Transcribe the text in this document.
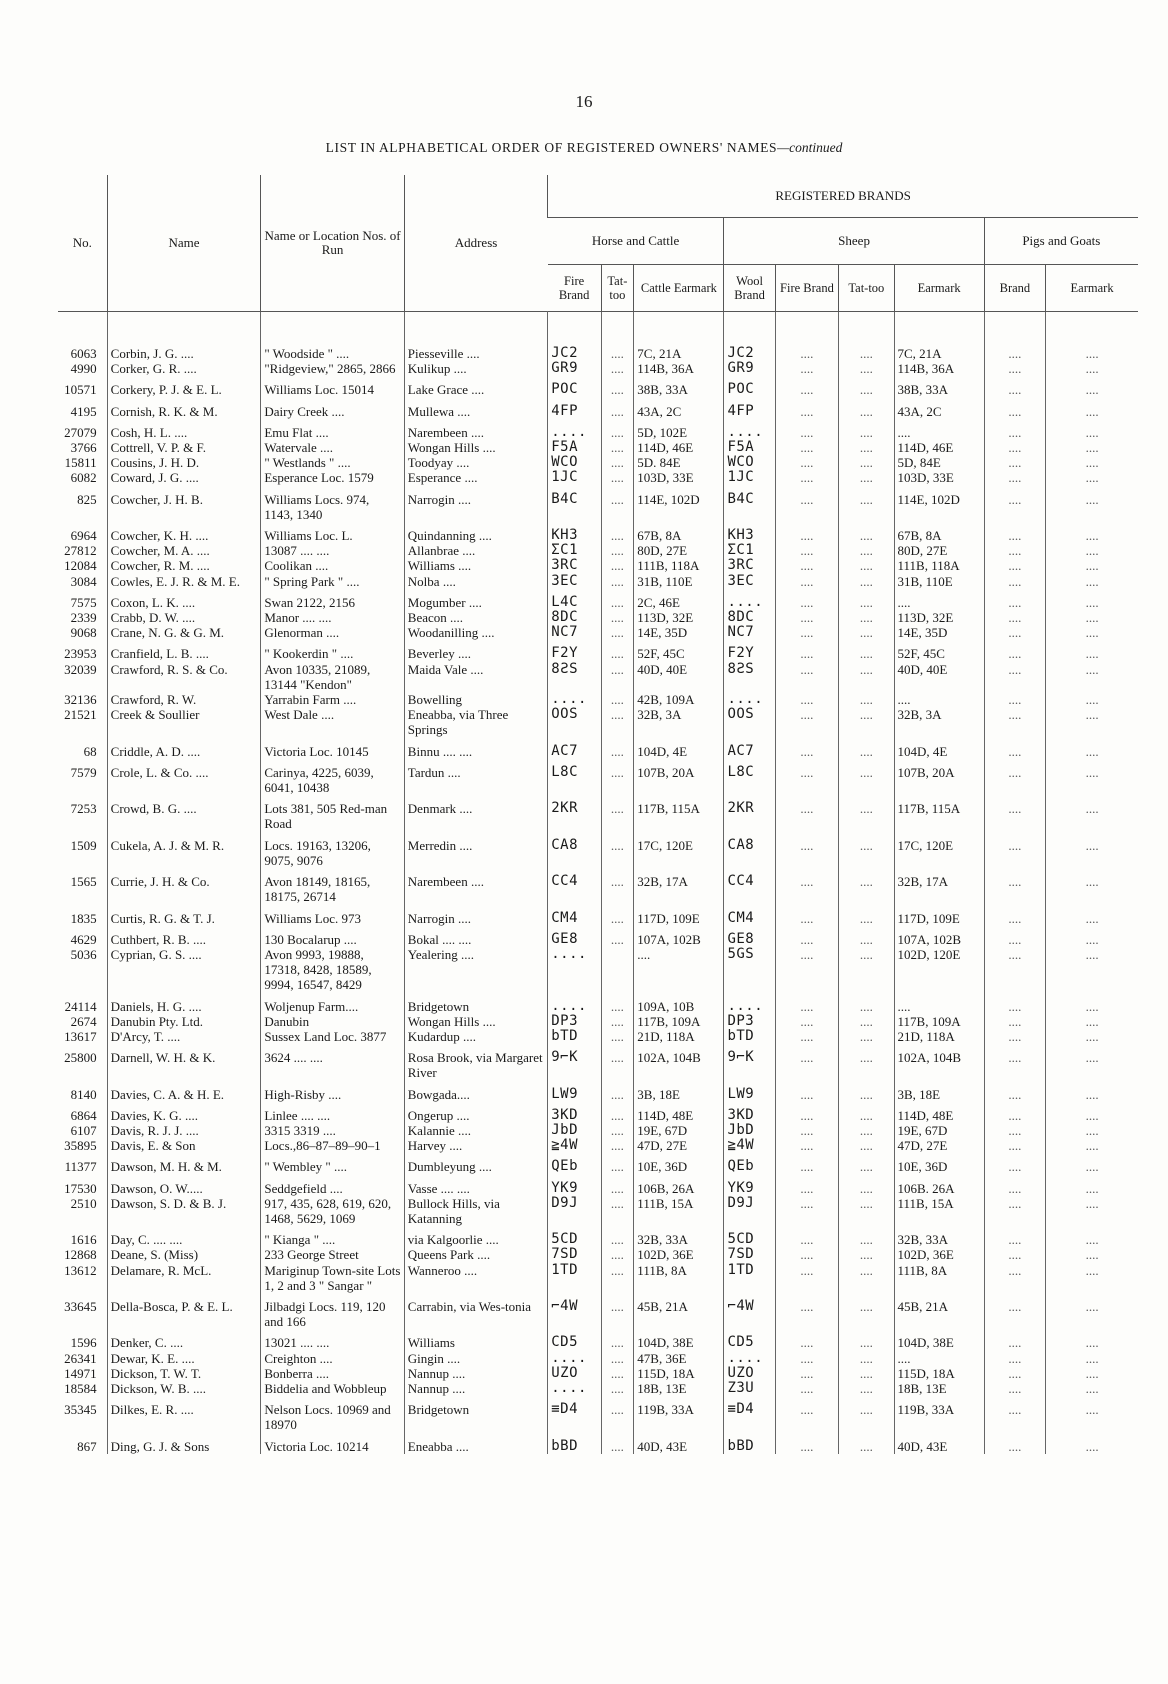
16
LIST IN ALPHABETICAL ORDER OF REGISTERED OWNERS' NAMES—continued
No.	Name	Name or Location Nos. of Run	Address	REGISTERED BRANDS								
				Horse and Cattle			Sheep				Pigs and Goats	
				Fire Brand	Tat-too	Cattle Earmark	Wool Brand	Fire Brand	Tat-too	Earmark	Brand	Earmark

6063	Corbin, J. G. ....	" Woodside " ....	Piesseville ....	JC2	....	7C, 21A	JC2	....	....	7C, 21A	....	....
4990	Corker, G. R. ....	"Ridgeview," 2865, 2866	Kulikup ....	GR9	....	114B, 36A	GR9	....	....	114B, 36A	....	....
10571	Corkery, P. J. & E. L.	Williams Loc. 15014	Lake Grace ....	POC	....	38B, 33A	POC	....	....	38B, 33A	....	....
4195	Cornish, R. K. & M.	Dairy Creek ....	Mullewa ....	4FP	....	43A, 2C	4FP	....	....	43A, 2C	....	....
27079	Cosh, H. L. ....	Emu Flat ....	Narembeen ....	....	....	5D, 102E	....	....	....	....	....	....
3766	Cottrell, V. P. & F.	Watervale ....	Wongan Hills ....	F5A	....	114D, 46E	F5A	....	....	114D, 46E	....	....
15811	Cousins, J. H. D.	" Westlands " ....	Toodyay ....	WCO	....	5D. 84E	WCO	....	....	5D, 84E	....	....
6082	Coward, J. G. ....	Esperance Loc. 1579	Esperance ....	1JC	....	103D, 33E	1JC	....	....	103D, 33E	....	....
825	Cowcher, J. H. B.	Williams Locs. 974, 1143, 1340	Narrogin ....	B4C	....	114E, 102D	B4C	....	....	114E, 102D	....	....
6964	Cowcher, K. H. ....	Williams Loc. L.	Quindanning ....	KH3	....	67B, 8A	KH3	....	....	67B, 8A	....	....
27812	Cowcher, M. A. ....	13087 .... ....	Allanbrae ....	ΣC1	....	80D, 27E	ΣC1	....	....	80D, 27E	....	....
12084	Cowcher, R. M. ....	Coolikan ....	Williams ....	3RC	....	111B, 118A	3RC	....	....	111B, 118A	....	....
3084	Cowles, E. J. R. & M. E.	" Spring Park " ....	Nolba ....	3EC	....	31B, 110E	3EC	....	....	31B, 110E	....	....
7575	Coxon, L. K. ....	Swan 2122, 2156	Mogumber ....	L4C	....	2C, 46E	....	....	....	....	....	....
2339	Crabb, D. W. ....	Manor .... ....	Beacon ....	8DC	....	113D, 32E	8DC	....	....	113D, 32E	....	....
9068	Crane, N. G. & G. M.	Glenorman ....	Woodanilling ....	NC7	....	14E, 35D	NC7	....	....	14E, 35D	....	....
23953	Cranfield, L. B. ....	" Kookerdin " ....	Beverley ....	F2Y	....	52F, 45C	F2Y	....	....	52F, 45C	....	....
32039	Crawford, R. S. & Co.	Avon 10335, 21089, 13144 "Kendon"	Maida Vale ....	8ƧS	....	40D, 40E	8ƧS	....	....	40D, 40E	....	....
32136	Crawford, R. W.	Yarrabin Farm ....	Bowelling	....	....	42B, 109A	....	....	....	....	....	....
21521	Creek & Soullier	West Dale ....	Eneabba, via Three Springs	OOS	....	32B, 3A	OOS	....	....	32B, 3A	....	....
68	Criddle, A. D. ....	Victoria Loc. 10145	Binnu .... ....	AC7	....	104D, 4E	AC7	....	....	104D, 4E	....	....
7579	Crole, L. & Co. ....	Carinya, 4225, 6039, 6041, 10438	Tardun ....	L8C	....	107B, 20A	L8C	....	....	107B, 20A	....	....
7253	Crowd, B. G. ....	Lots 381, 505 Red-man Road	Denmark ....	2KR	....	117B, 115A	2KR	....	....	117B, 115A	....	....
1509	Cukela, A. J. & M. R.	Locs. 19163, 13206, 9075, 9076	Merredin ....	CA8	....	17C, 120E	CA8	....	....	17C, 120E	....	....
1565	Currie, J. H. & Co.	Avon 18149, 18165, 18175, 26714	Narembeen ....	CC4	....	32B, 17A	CC4	....	....	32B, 17A	....	....
1835	Curtis, R. G. & T. J.	Williams Loc. 973	Narrogin ....	CM4	....	117D, 109E	CM4	....	....	117D, 109E	....	....
4629	Cuthbert, R. B. ....	130 Bocalarup ....	Bokal .... ....	GE8	....	107A, 102B	GE8	....	....	107A, 102B	....	....
5036	Cyprian, G. S. ....	Avon 9993, 19888, 17318, 8428, 18589, 9994, 16547, 8429	Yealering ....	....		....	5GS	....	....	102D, 120E	....	....
24114	Daniels, H. G. ....	Woljenup Farm....	Bridgetown	....	....	109A, 10B	....	....	....	....	....	....
2674	Danubin Pty. Ltd.	Danubin	Wongan Hills ....	DP3	....	117B, 109A	DP3	....	....	117B, 109A	....	....
13617	D'Arcy, T. ....	Sussex Land Loc. 3877	Kudardup ....	bTD	....	21D, 118A	bTD	....	....	21D, 118A	....	....
25800	Darnell, W. H. & K.	3624 .... ....	Rosa Brook, via Margaret River	9⌐K	....	102A, 104B	9⌐K	....	....	102A, 104B	....	....
8140	Davies, C. A. & H. E.	High-Risby ....	Bowgada....	LW9	....	3B, 18E	LW9	....	....	3B, 18E	....	....
6864	Davies, K. G. ....	Linlee .... ....	Ongerup ....	3KD	....	114D, 48E	3KD	....	....	114D, 48E	....	....
6107	Davis, R. J. J. ....	3315 3319 ....	Kalannie ....	JbD	....	19E, 67D	JbD	....	....	19E, 67D	....	....
35895	Davis, E. & Son	Locs.,86–87–89–90–1	Harvey ....	≧4W	....	47D, 27E	≧4W	....	....	47D, 27E	....	....
11377	Dawson, M. H. & M.	" Wembley " ....	Dumbleyung ....	QEb	....	10E, 36D	QEb	....	....	10E, 36D	....	....
17530	Dawson, O. W.....	Seddgefield ....	Vasse .... ....	YK9	....	106B, 26A	YK9	....	....	106B. 26A	....	....
2510	Dawson, S. D. & B. J.	917, 435, 628, 619, 620, 1468, 5629, 1069	Bullock Hills, via Katanning	D9J	....	111B, 15A	D9J	....	....	111B, 15A	....	....
1616	Day, C. .... ....	" Kianga " ....	via Kalgoorlie ....	5CD	....	32B, 33A	5CD	....	....	32B, 33A	....	....
12868	Deane, S. (Miss)	233 George Street	Queens Park ....	7SD	....	102D, 36E	7SD	....	....	102D, 36E	....	....
13612	Delamare, R. McL.	Mariginup Town-site Lots 1, 2 and 3 " Sangar "	Wanneroo ....	1TD	....	111B, 8A	1TD	....	....	111B, 8A	....	....
33645	Della-Bosca, P. & E. L.	Jilbadgi Locs. 119, 120 and 166	Carrabin, via Wes-tonia	⌐4W	....	45B, 21A	⌐4W	....	....	45B, 21A	....	....
1596	Denker, C. ....	13021 .... ....	Williams	CD5	....	104D, 38E	CD5	....	....	104D, 38E	....	....
26341	Dewar, K. E. ....	Creighton ....	Gingin ....	....	....	47B, 36E	....	....	....	....	....	....
14971	Dickson, T. W. T.	Bonberra ....	Nannup ....	UZO	....	115D, 18A	UZO	....	....	115D, 18A	....	....
18584	Dickson, W. B. ....	Biddelia and Wobbleup	Nannup ....	....	....	18B, 13E	Z3U	....	....	18B, 13E	....	....
35345	Dilkes, E. R. ....	Nelson Locs. 10969 and 18970	Bridgetown	≡D4	....	119B, 33A	≡D4	....	....	119B, 33A	....	....
867	Ding, G. J. & Sons	Victoria Loc. 10214	Eneabba ....	bBD	....	40D, 43E	bBD	....	....	40D, 43E	....	....
